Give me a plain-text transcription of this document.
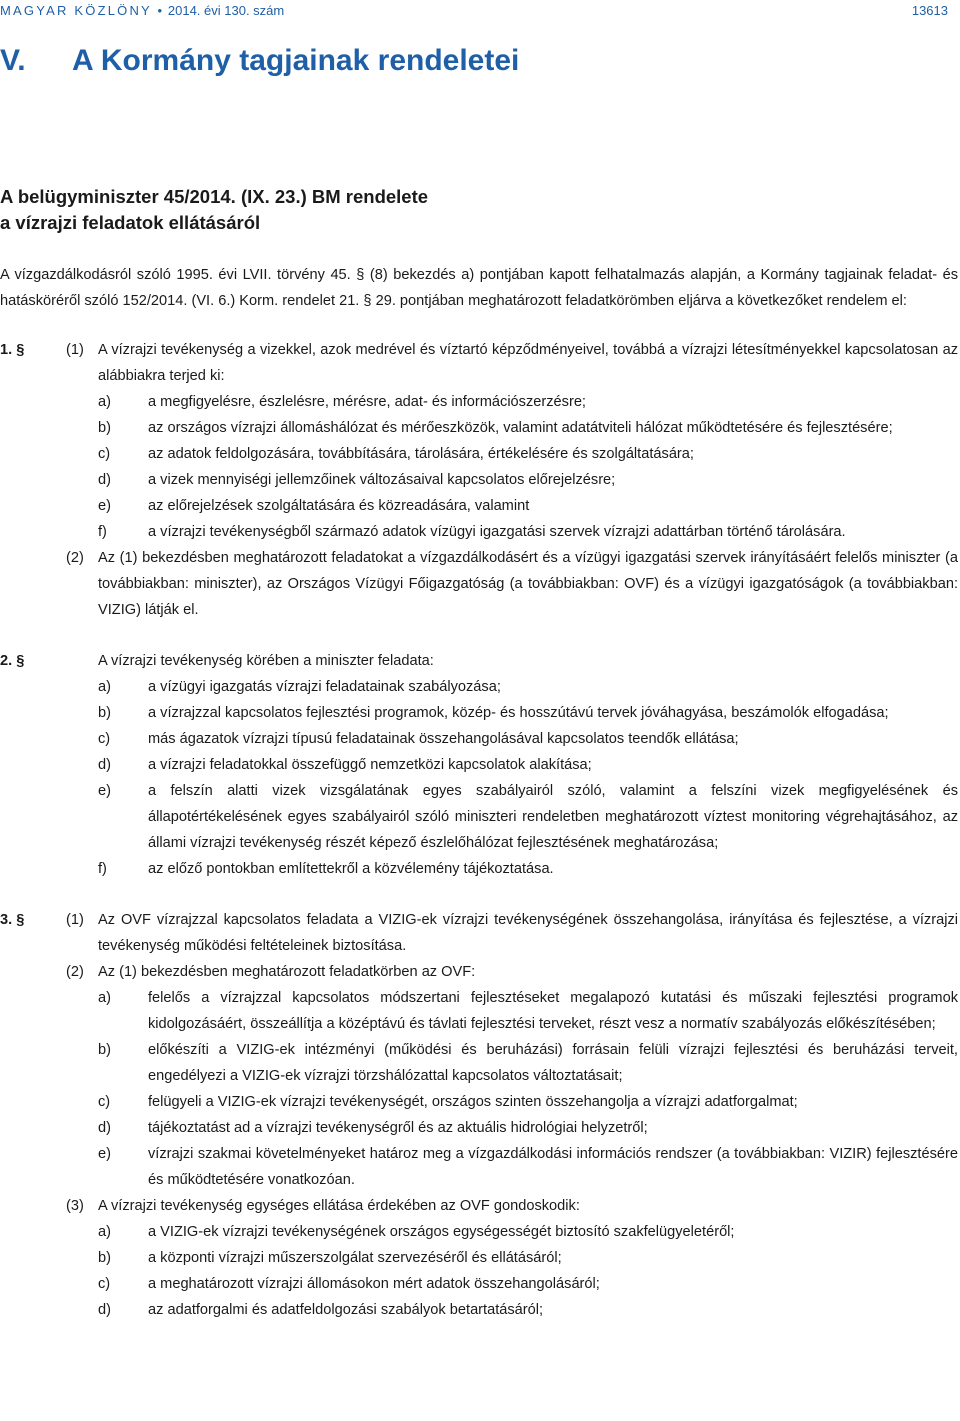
MAGYAR KÖZLÖNY • 2014. évi 130. szám	13613
V. A Kormány tagjainak rendeletei
A belügyminiszter 45/2014. (IX. 23.) BM rendelete
a vízrajzi feladatok ellátásáról

A vízgazdálkodásról szóló 1995. évi LVII. törvény 45. § (8) bekezdés a) pontjában kapott felhatalmazás alapján, a Kormány tagjainak feladat- és hatásköréről szóló 152/2014. (VI. 6.) Korm. rendelet 21. § 29. pontjában meghatározott feladatkörömben eljárva a következőket rendelem el:

1. §	(1) A vízrajzi tevékenység a vizekkel, azok medrével és víztartó képződményeivel, továbbá a vízrajzi létesítményekkel kapcsolatosan az alábbiakra terjed ki:
a)	a megfigyelésre, észlelésre, mérésre, adat- és információszerzésre;
b)	az országos vízrajzi állomáshálózat és mérőeszközök, valamint adatátviteli hálózat működtetésére és fejlesztésére;
c)	az adatok feldolgozására, továbbítására, tárolására, értékelésére és szolgáltatására;
d)	a vizek mennyiségi jellemzőinek változásaival kapcsolatos előrejelzésre;
e)	az előrejelzések szolgáltatására és közreadására, valamint
f)	a vízrajzi tevékenységből származó adatok vízügyi igazgatási szervek vízrajzi adattárban történő tárolására.
(2) Az (1) bekezdésben meghatározott feladatokat a vízgazdálkodásért és a vízügyi igazgatási szervek irányításáért felelős miniszter (a továbbiakban: miniszter), az Országos Vízügyi Főigazgatóság (a továbbiakban: OVF) és a vízügyi igazgatóságok (a továbbiakban: VIZIG) látják el.
2. §	A vízrajzi tevékenység körében a miniszter feladata:
a)	a vízügyi igazgatás vízrajzi feladatainak szabályozása;
b)	a vízrajzzal kapcsolatos fejlesztési programok, közép- és hosszútávú tervek jóváhagyása, beszámolók elfogadása;
c)	más ágazatok vízrajzi típusú feladatainak összehangolásával kapcsolatos teendők ellátása;
d)	a vízrajzi feladatokkal összefüggő nemzetközi kapcsolatok alakítása;
e)	a felszín alatti vizek vizsgálatának egyes szabályairól szóló, valamint a felszíni vizek megfigyelésének és állapotértékelésének egyes szabályairól szóló miniszteri rendeletben meghatározott víztest monitoring végrehajtásához, az állami vízrajzi tevékenység részét képező észlelőhálózat fejlesztésének meghatározása;
f)	az előző pontokban említettekről a közvélemény tájékoztatása.
3. §	(1) Az OVF vízrajzzal kapcsolatos feladata a VIZIG-ek vízrajzi tevékenységének összehangolása, irányítása és fejlesztése, a vízrajzi tevékenység működési feltételeinek biztosítása.
(2) Az (1) bekezdésben meghatározott feladatkörben az OVF:
a)	felelős a vízrajzzal kapcsolatos módszertani fejlesztéseket megalapozó kutatási és műszaki fejlesztési programok kidolgozásáért, összeállítja a középtávú és távlati fejlesztési terveket, részt vesz a normatív szabályozás előkészítésében;
b)	előkészíti a VIZIG-ek intézményi (működési és beruházási) forrásain felüli vízrajzi fejlesztési és beruházási terveit, engedélyezi a VIZIG-ek vízrajzi törzshálózattal kapcsolatos változtatásait;
c)	felügyeli a VIZIG-ek vízrajzi tevékenységét, országos szinten összehangolja a vízrajzi adatforgalmat;
d)	tájékoztatást ad a vízrajzi tevékenységről és az aktuális hidrológiai helyzetről;
e)	vízrajzi szakmai követelményeket határoz meg a vízgazdálkodási információs rendszer (a továbbiakban: VIZIR) fejlesztésére és működtetésére vonatkozóan.
(3) A vízrajzi tevékenység egységes ellátása érdekében az OVF gondoskodik:
a)	a VIZIG-ek vízrajzi tevékenységének országos egységességét biztosító szakfelügyeletéről;
b)	a központi vízrajzi műszerszolgálat szervezéséről és ellátásáról;
c)	a meghatározott vízrajzi állomásokon mért adatok összehangolásáról;
d)	az adatforgalmi és adatfeldolgozási szabályok betartatásáról;
